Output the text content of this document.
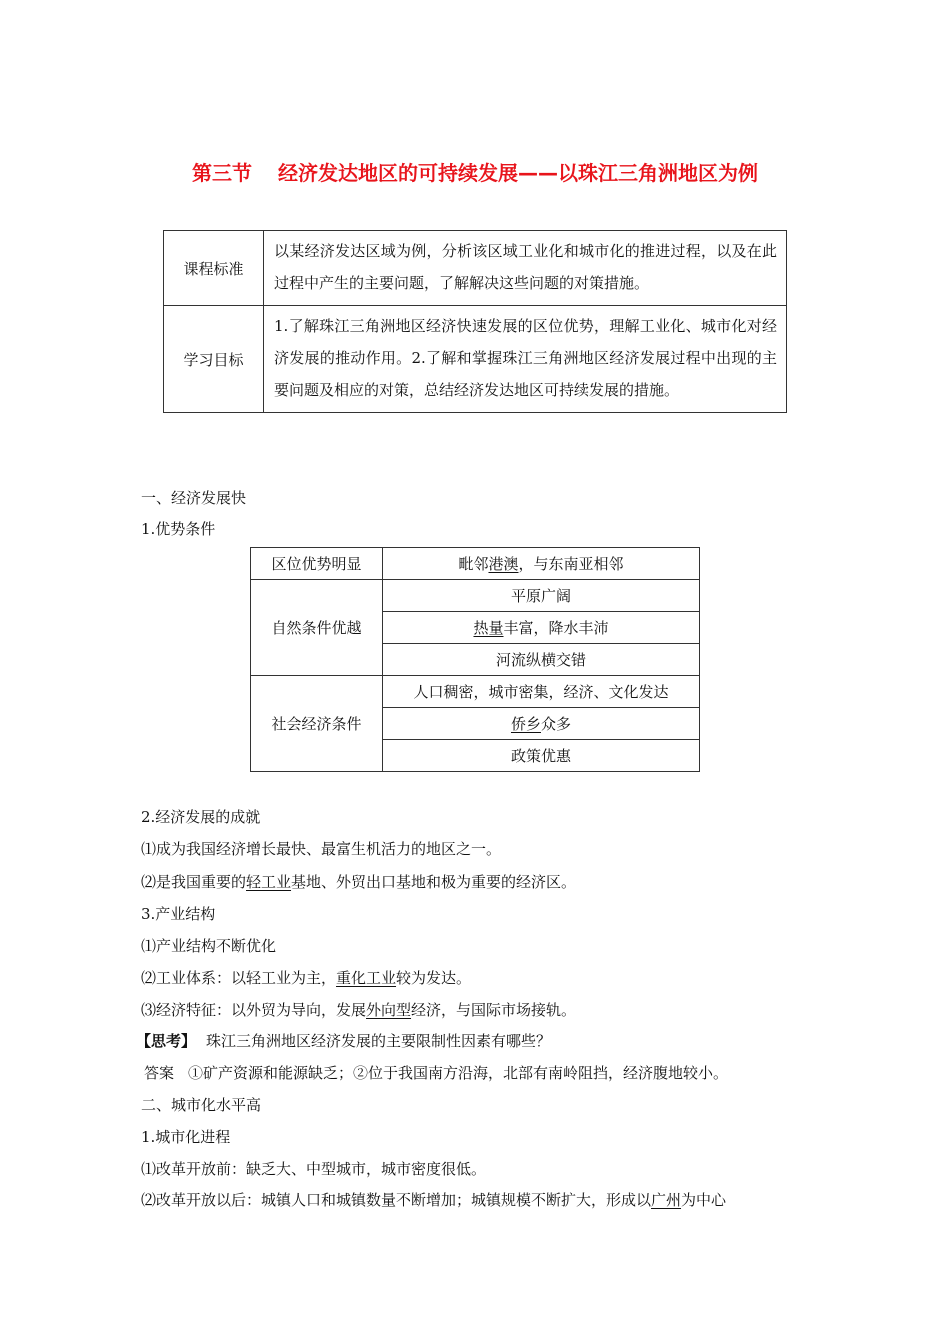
第三节 经济发达地区的可持续发展——以珠江三角洲地区为例
课程标准	以某经济发达区域为例，分析该区域工业化和城市化的推进过程，以及在此过程中产生的主要问题，了解解决这些问题的对策措施。
学习目标	1.了解珠江三角洲地区经济快速发展的区位优势，理解工业化、城市化对经济发展的推动作用。2.了解和掌握珠江三角洲地区经济发展过程中出现的主要问题及相应的对策，总结经济发达地区可持续发展的措施。
一、经济发展快
1.优势条件
区位优势明显	毗邻港澳，与东南亚相邻
自然条件优越	平原广阔
	热量丰富，降水丰沛
	河流纵横交错
社会经济条件	人口稠密，城市密集，经济、文化发达
	侨乡众多
	政策优惠
2.经济发展的成就
⑴成为我国经济增长最快、最富生机活力的地区之一。
⑵是我国重要的轻工业基地、外贸出口基地和极为重要的经济区。
3.产业结构
⑴产业结构不断优化
⑵工业体系：以轻工业为主，重化工业较为发达。
⑶经济特征：以外贸为导向，发展外向型经济，与国际市场接轨。
【思考】 珠江三角洲地区经济发展的主要限制性因素有哪些？
答案 ①矿产资源和能源缺乏；②位于我国南方沿海，北部有南岭阻挡，经济腹地较小。
二、城市化水平高
1.城市化进程
⑴改革开放前：缺乏大、中型城市，城市密度很低。
⑵改革开放以后：城镇人口和城镇数量不断增加；城镇规模不断扩大，形成以广州为中心
